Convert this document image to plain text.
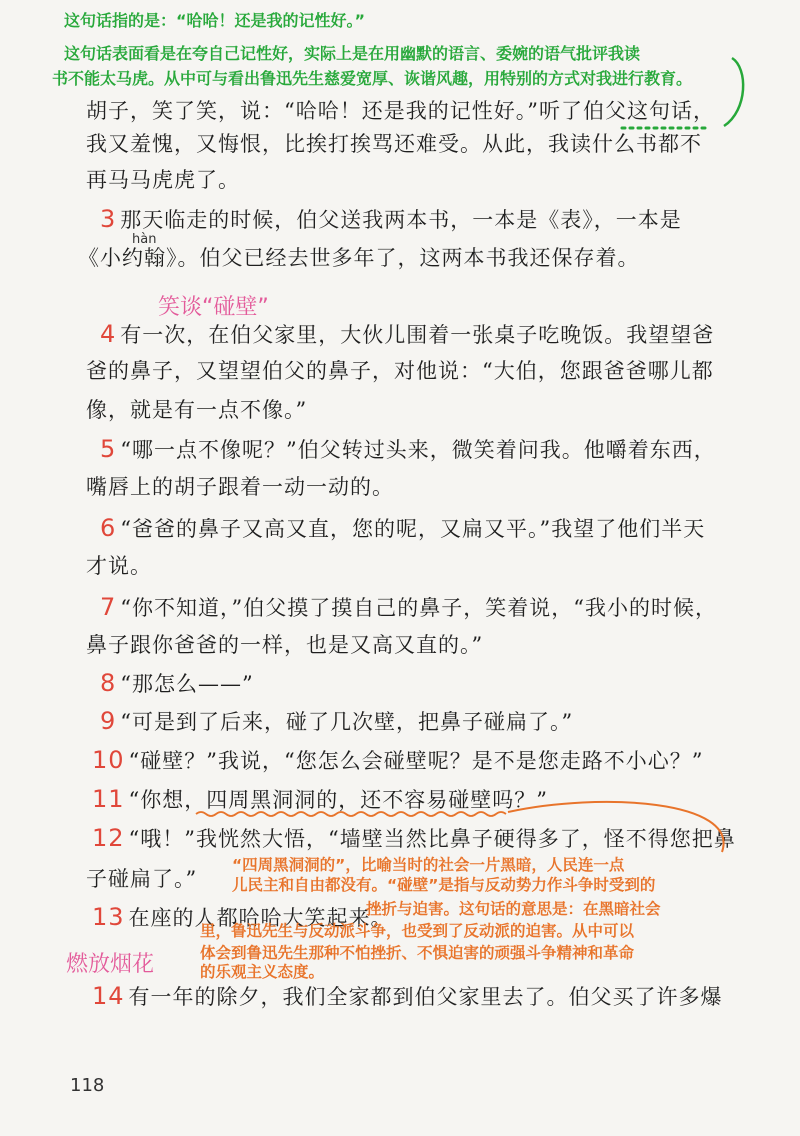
这句话指的是：“哈哈！还是我的记性好。”
这句话表面看是在夸自己记性好，实际上是在用幽默的语言、委婉的语气批评我读
书不能太马虎。从中可与看出鲁迅先生慈爱宽厚、诙谐风趣，用特别的方式对我进行教育。
胡子，笑了笑，说：“哈哈！还是我的记性好。”听了伯父这句话，
我又羞愧，又悔恨，比挨打挨骂还难受。从此，我读什么书都不
再马马虎虎了。
3 那天临走的时候，伯父送我两本书，一本是《表》，一本是
hàn
《小约翰》。伯父已经去世多年了，这两本书我还保存着。
笑谈“碰壁”
4 有一次，在伯父家里，大伙儿围着一张桌子吃晚饭。我望望爸
爸的鼻子，又望望伯父的鼻子，对他说：“大伯，您跟爸爸哪儿都
像，就是有一点不像。”
5 “哪一点不像呢？”伯父转过头来，微笑着问我。他嚼着东西，
嘴唇上的胡子跟着一动一动的。
6 “爸爸的鼻子又高又直，您的呢，又扁又平。”我望了他们半天
才说。
7 “你不知道，”伯父摸了摸自己的鼻子，笑着说，“我小的时候，
鼻子跟你爸爸的一样，也是又高又直的。”
8 “那怎么——”
9 “可是到了后来，碰了几次壁，把鼻子碰扁了。”
10 “碰壁？”我说，“您怎么会碰壁呢？是不是您走路不小心？”
11 “你想，四周黑洞洞的，还不容易碰壁吗？”
12 “哦！”我恍然大悟，“墙壁当然比鼻子硬得多了，怪不得您把鼻
子碰扁了。”
13 在座的人都哈哈大笑起来。
燃放烟花
14 有一年的除夕，我们全家都到伯父家里去了。伯父买了许多爆
“四周黑洞洞的”，比喻当时的社会一片黑暗，人民连一点
儿民主和自由都没有。“碰壁”是指与反动势力作斗争时受到的
挫折与迫害。这句话的意思是：在黑暗社会
里，鲁迅先生与反动派斗争，也受到了反动派的迫害。从中可以
体会到鲁迅先生那种不怕挫折、不惧迫害的顽强斗争精神和革命
的乐观主义态度。
118
